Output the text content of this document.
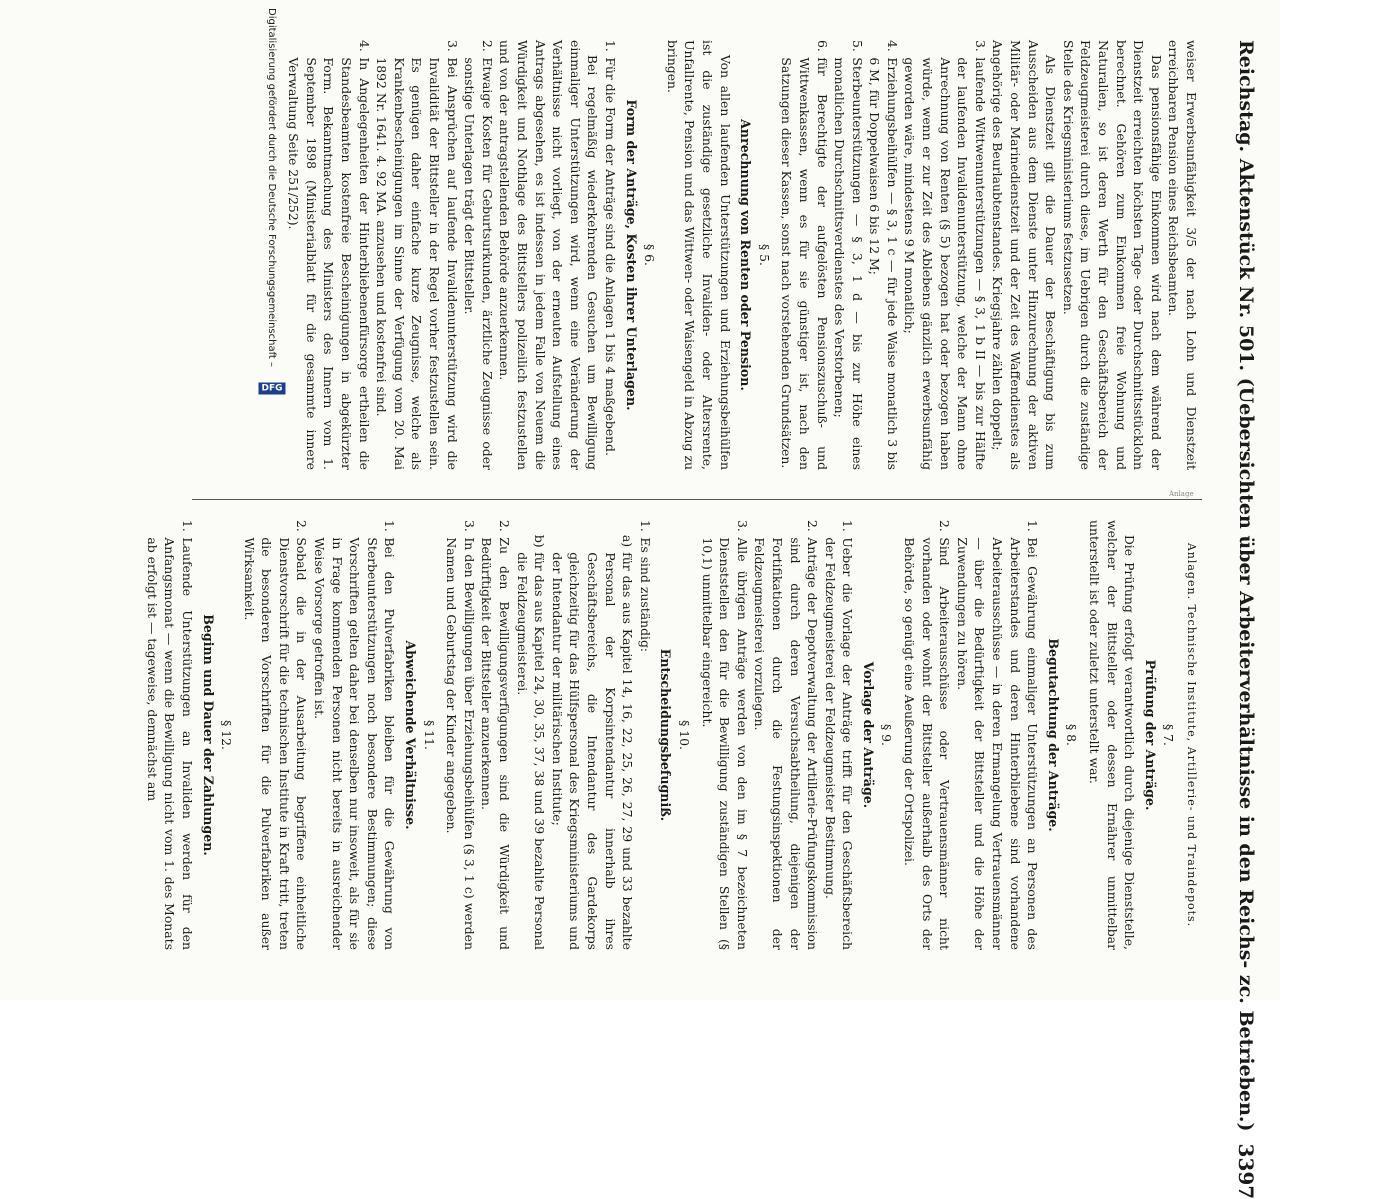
Reichstag. Aktenstück Nr. 501. (Uebersichten über Arbeiterverhältnisse in den Reichs- zc. Betrieben.)
3397

weiser Erwerbsunfähigkeit 3/5 der nach Lohn und Dienstzeit erreichbaren Pension eines Reichsbeamten.

Das pensionsfähige Einkommen wird nach dem während der Dienstzeit erreichten höchsten Tage- oder Durchschnittsstücklohn berechnet. Gehören zum Einkommen freie Wohnung und Naturalien, so ist deren Werth für den Geschäftsbereich der Feldzeugmeisterei durch diese, im Uebrigen durch die zuständige Stelle des Kriegsministeriums festzusetzen.

Als Dienstzeit gilt die Dauer der Beschäftigung bis zum Ausscheiden aus dem Dienste unter Hinzurechnung der aktiven Militär- oder Marinedienstzeit und der Zeit des Waffendienstes als Angehörige des Beurlaubtenstandes. Kriegsjahre zählen doppelt;

3.
laufende Wittwenunterstützungen — § 3, 1 b II — bis zur Hälfte der laufenden Invalidenunterstützung, welche der Mann ohne Anrechnung von Renten (§ 5) bezogen hat oder bezogen haben würde, wenn er zur Zeit des Ablebens gänzlich erwerbsunfähig geworden wäre, mindestens 9 M monatlich;

4.
Erziehungsbeihülfen — § 3, 1 c — für jede Waise monatlich 3 bis 6 M, für Doppelwaisen 6 bis 12 M;

5.
Sterbeunterstützungen — § 3, 1 d — bis zur Höhe eines monatlichen Durchschnittsverdienstes des Verstorbenen;

6.
für Berechtigte der aufgelösten Pensionszuschuß- und Wittwenkassen, wenn es für sie günstiger ist, nach den Satzungen dieser Kassen, sonst nach vorstehenden Grundsätzen.

§ 5.
Anrechnung von Renten oder Pension.

Von allen laufenden Unterstützungen und Erziehungsbeihülfen ist die zuständige gesetzliche Invaliden- oder Altersrente, Unfallrente, Pension und das Wittwen- oder Waisengeld in Abzug zu bringen.

§ 6.
Form der Anträge, Kosten ihrer Unterlagen.

1.
Für die Form der Anträge sind die Anlagen 1 bis 4 maßgebend.

Bei regelmäßig wiederkehrenden Gesuchen um Bewilligung einmaliger Unterstützungen wird, wenn eine Veränderung der Verhältnisse nicht vorliegt, von der erneuten Aufstellung eines Antrags abgesehen, es ist indessen in jedem Falle von Neuem die Würdigkeit und Nothlage des Bittstellers polizeilich festzustellen und von der antragstellenden Behörde anzuerkennen.

2.
Etwaige Kosten für Geburtsurkunden, ärztliche Zeugnisse oder sonstige Unterlagen trägt der Bittsteller.

3.
Bei Ansprüchen auf laufende Invalidenunterstützung wird die Invalidität der Bittsteller in der Regel vorher festzustellen sein. Es genügen daher einfache kurze Zeugnisse, welche als Krankenbescheinigungen im Sinne der Verfügung vom 20. Mai 1892 Nr. 1641. 4. 92 MA. anzusehen und kostenfrei sind.

4.
In Angelegenheiten der Hinterbliebenenfürsorge ertheilen die Standesbeamten kostenfreie Bescheinigungen in abgekürzter Form. Bekanntmachung des Ministers des Innern vom 1. September 1898 (Ministerialblatt für die gesammte innere Verwaltung Seite 251/252).

Anlage
Anlagen. Technische Institute, Artillerie- und Traindepots.
§ 7.
Prüfung der Anträge.

Die Prüfung erfolgt verantwortlich durch diejenige Dienststelle, welcher der Bittsteller oder dessen Ernährer unmittelbar unterstellt ist oder zuletzt unterstellt war.

§ 8.
Begutachtung der Anträge.

1.
Bei Gewährung einmaliger Unterstützungen an Personen des Arbeiterstandes und deren Hinterbliebene sind vorhandene Arbeiterausschüsse — in deren Ermangelung Vertrauensmänner — über die Bedürftigkeit der Bittsteller und die Höhe der Zuwendungen zu hören.

2.
Sind Arbeiterausschüsse oder Vertrauensmänner nicht vorhanden oder wohnt der Bittsteller außerhalb des Orts der Behörde, so genügt eine Aeußerung der Ortspolizei.

§ 9.
Vorlage der Anträge.

1.
Ueber die Vorlage der Anträge trifft für den Geschäftsbereich der Feldzeugmeisterei der Feldzeugmeister Bestimmung.

2.
Anträge der Depotverwaltung der Artillerie-Prüfungskommission sind durch deren Versuchsabtheilung, diejenigen der Fortifikationen durch die Festungsinspektionen der Feldzeugmeisterei vorzulegen.

3.
Alle übrigen Anträge werden von den im § 7 bezeichneten Dienststellen den für die Bewilligung zuständigen Stellen (§ 10,1) unmittelbar eingereicht.

§ 10.
Entscheidungsbefugniß.

1.
Es sind zuständig:

a)
für das aus Kapitel 14, 16, 22, 25, 26, 27, 29 und 33 bezahlte Personal der Korpsintendantur innerhalb ihres Geschäftsbereichs, die Intendantur des Gardekorps gleichzeitig für das Hülfspersonal des Kriegsministeriums und der Intendantur der militärischen Institute;

b)
für das aus Kapitel 24, 30, 35, 37, 38 und 39 bezahlte Personal die Feldzeugmeisterei.

2.
Zu den Bewilligungsverfügungen sind die Würdigkeit und Bedürftigkeit der Bittsteller anzuerkennen.

3.
In den Bewilligungen über Erziehungsbeihülfen (§ 3, 1 c) werden Namen und Geburtstag der Kinder angegeben.

§ 11.
Abweichende Verhältnisse.

1.
Bei den Pulverfabriken bleiben für die Gewährung von Sterbeunterstützungen noch besondere Bestimmungen; diese Vorschriften gelten daher bei denselben nur insoweit, als für sie in Frage kommenden Personen nicht bereits in ausreichender Weise Vorsorge getroffen ist.

2.
Sobald die in der Ausarbeitung begriffene einheitliche Dienstvorschrift für die technischen Institute in Kraft tritt, treten die besonderen Vorschriften für die Pulverfabriken außer Wirksamkeit.

§ 12.
Beginn und Dauer der Zahlungen.

1.
Laufende Unterstützungen an Invaliden werden für den Anfangsmonat — wenn die Bewilligung nicht vom 1. des Monats ab erfolgt ist — tageweise, demnächst am

Digitalisierung gefördert durch die Deutsche Forschungsgemeinschaft –
DFG
